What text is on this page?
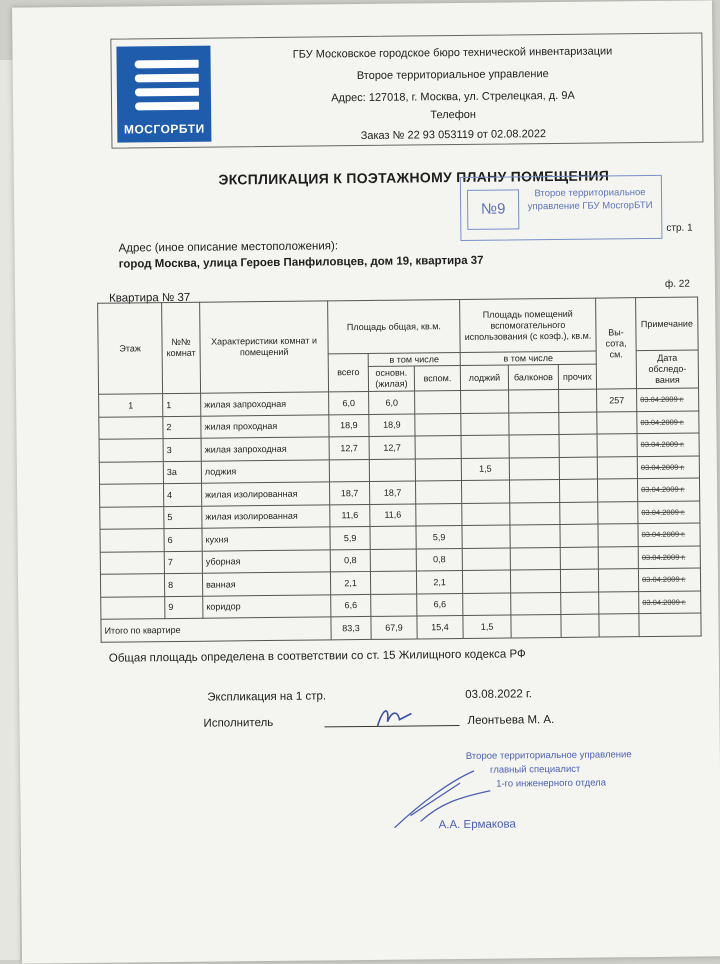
МОСГОРБТИ
ГБУ Московское городское бюро технической инвентаризации
Второе территориальное управление
Адрес: 127018, г. Москва, ул. Стрелецкая, д. 9А
Телефон
Заказ № 22 93 053119 от 02.08.2022
ЭКСПЛИКАЦИЯ К ПОЭТАЖНОМУ ПЛАНУ ПОМЕЩЕНИЯ
№9
Второе территориальное управление ГБУ МосгорБТИ
стр. 1
Адрес (иное описание местоположения):
город Москва, улица Героев Панфиловцев, дом 19, квартира 37
Квартира № 37
ф. 22
Этаж	№№ комнат	Характеристики комнат и помещений	Площадь общая, кв.м.			Площадь помещений вспомогательного использования (с коэф.), кв.м.			Вы- сота, см.	Примечание
			всего	в том числе		в том числе				Дата обследо- вания
				основн. (жилая)	вспом.	лоджий	балконов	прочих		
1	1	жилая запроходная	6,0	6,0					257	03.04.2009 г.
	2	жилая проходная	18,9	18,9						03.04.2009 г.
	3	жилая запроходная	12,7	12,7						03.04.2009 г.
	3а	лоджия				1,5				03.04.2009 г.
	4	жилая изолированная	18,7	18,7						03.04.2009 г.
	5	жилая изолированная	11,6	11,6						03.04.2009 г.
	6	кухня	5,9		5,9					03.04.2009 г.
	7	уборная	0,8		0,8					03.04.2009 г.
	8	ванная	2,1		2,1					03.04.2009 г.
	9	коридор	6,6		6,6					03.04.2009 г.
Итого по квартире			83,3	67,9	15,4	1,5				
Общая площадь определена в соответствии со ст. 15 Жилищного кодекса РФ
Экспликация на 1 стр.	03.08.2022 г.
Исполнитель	Леонтьева М. А.
Второе территориальное управление
главный специалист
1-го инженерного отдела
А.А. Ермакова
